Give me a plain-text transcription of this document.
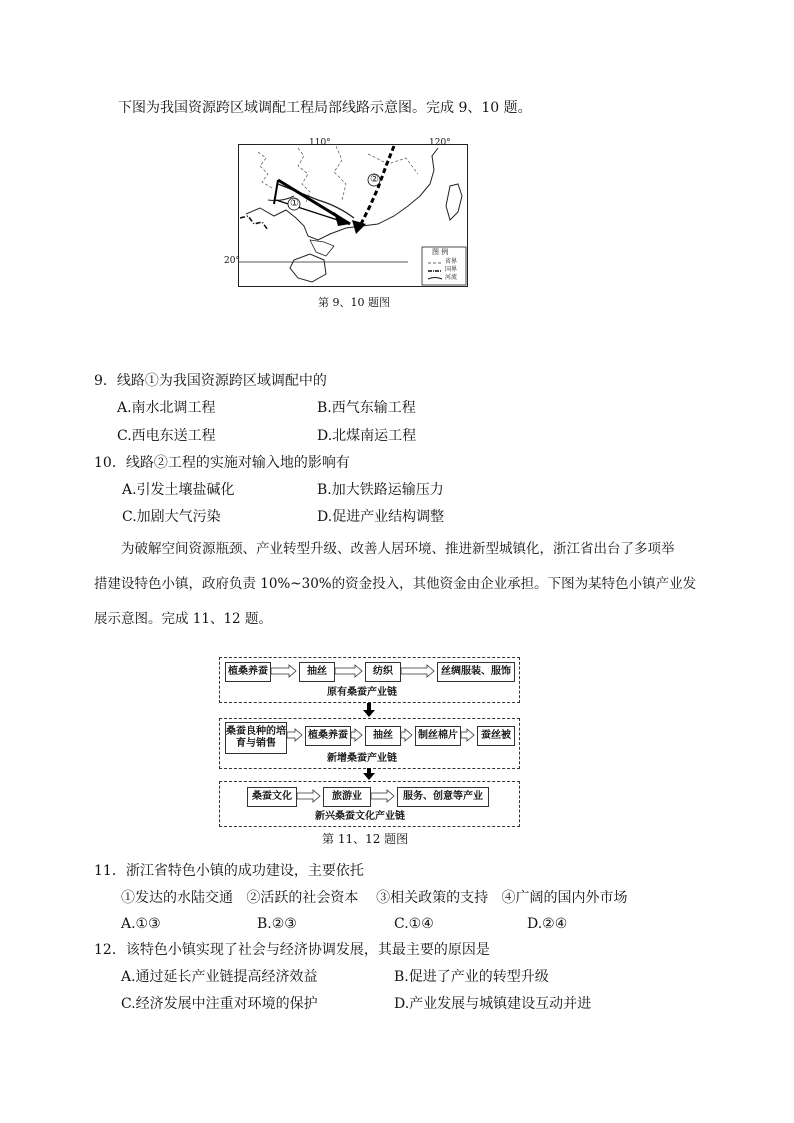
下图为我国资源跨区域调配工程局部线路示意图。完成 9、10 题。
110°	120°
20°
①
②
图 例
省界
国界
河流
第 9、10 题图
9．线路①为我国资源跨区域调配中的
A.南水北调工程	B.西气东输工程
C.西电东送工程	D.北煤南运工程
10．线路②工程的实施对输入地的影响有
A.引发土壤盐碱化	B.加大铁路运输压力
C.加剧大气污染	D.促进产业结构调整
为破解空间资源瓶颈、产业转型升级、改善人居环境、推进新型城镇化，浙江省出台了多项举
措建设特色小镇，政府负责 10%~30%的资金投入，其他资金由企业承担。下图为某特色小镇产业发
展示意图。完成 11、12 题。
植桑养蚕	抽丝	纺织	丝绸服装、服饰
原有桑蚕产业链
桑蚕良种的培育与销售
植桑养蚕	抽丝	制丝棉片	蚕丝被
新增桑蚕产业链
桑蚕文化	旅游业	服务、创意等产业
新兴桑蚕文化产业链
第 11、12 题图
11．浙江省特色小镇的成功建设，主要依托
①发达的水陆交通   ②活跃的社会资本    ③相关政策的支持   ④广阔的国内外市场
A.①③	B.②③	C.①④	D.②④
12．该特色小镇实现了社会与经济协调发展，其最主要的原因是
A.通过延长产业链提高经济效益	B.促进了产业的转型升级
C.经济发展中注重对环境的保护	D.产业发展与城镇建设互动并进
